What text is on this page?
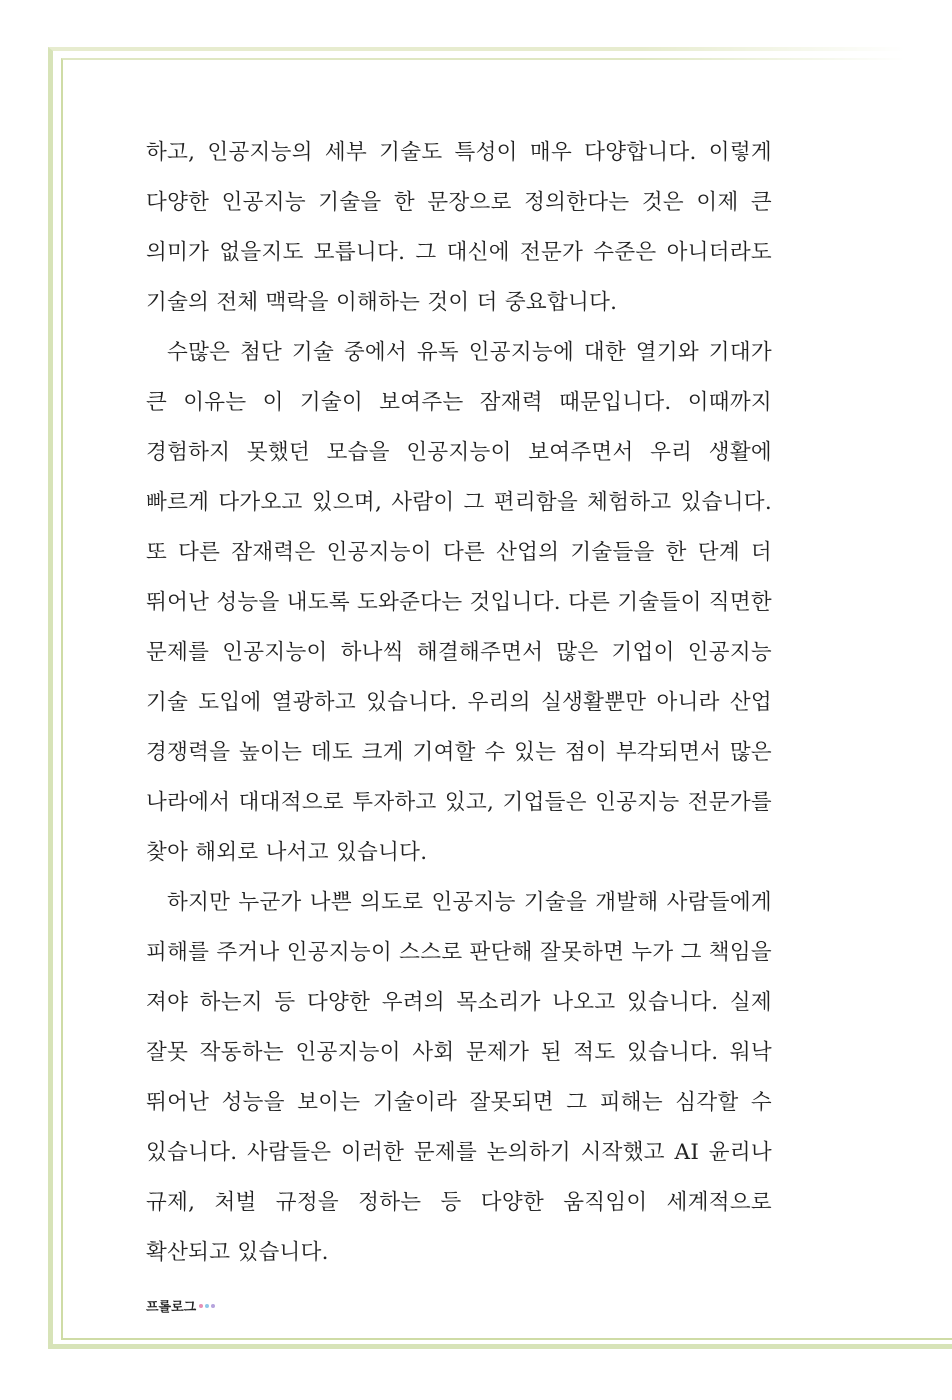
하고, 인공지능의 세부 기술도 특성이 매우 다양합니다. 이렇게 다양한 인공지능 기술을 한 문장으로 정의한다는 것은 이제 큰 의미가 없을지도 모릅니다. 그 대신에 전문가 수준은 아니더라도 기술의 전체 맥락을 이해하는 것이 더 중요합니다.

수많은 첨단 기술 중에서 유독 인공지능에 대한 열기와 기대가 큰 이유는 이 기술이 보여주는 잠재력 때문입니다. 이때까지 경험하지 못했던 모습을 인공지능이 보여주면서 우리 생활에 빠르게 다가오고 있으며, 사람이 그 편리함을 체험하고 있습니다. 또 다른 잠재력은 인공지능이 다른 산업의 기술들을 한 단계 더 뛰어난 성능을 내도록 도와준다는 것입니다. 다른 기술들이 직면한 문제를 인공지능이 하나씩 해결해주면서 많은 기업이 인공지능 기술 도입에 열광하고 있습니다. 우리의 실생활뿐만 아니라 산업 경쟁력을 높이는 데도 크게 기여할 수 있는 점이 부각되면서 많은 나라에서 대대적으로 투자하고 있고, 기업들은 인공지능 전문가를 찾아 해외로 나서고 있습니다.

하지만 누군가 나쁜 의도로 인공지능 기술을 개발해 사람들에게 피해를 주거나 인공지능이 스스로 판단해 잘못하면 누가 그 책임을 져야 하는지 등 다양한 우려의 목소리가 나오고 있습니다. 실제 잘못 작동하는 인공지능이 사회 문제가 된 적도 있습니다. 워낙 뛰어난 성능을 보이는 기술이라 잘못되면 그 피해는 심각할 수 있습니다. 사람들은 이러한 문제를 논의하기 시작했고 AI 윤리나 규제, 처벌 규정을 정하는 등 다양한 움직임이 세계적으로 확산되고 있습니다.

프롤로그
